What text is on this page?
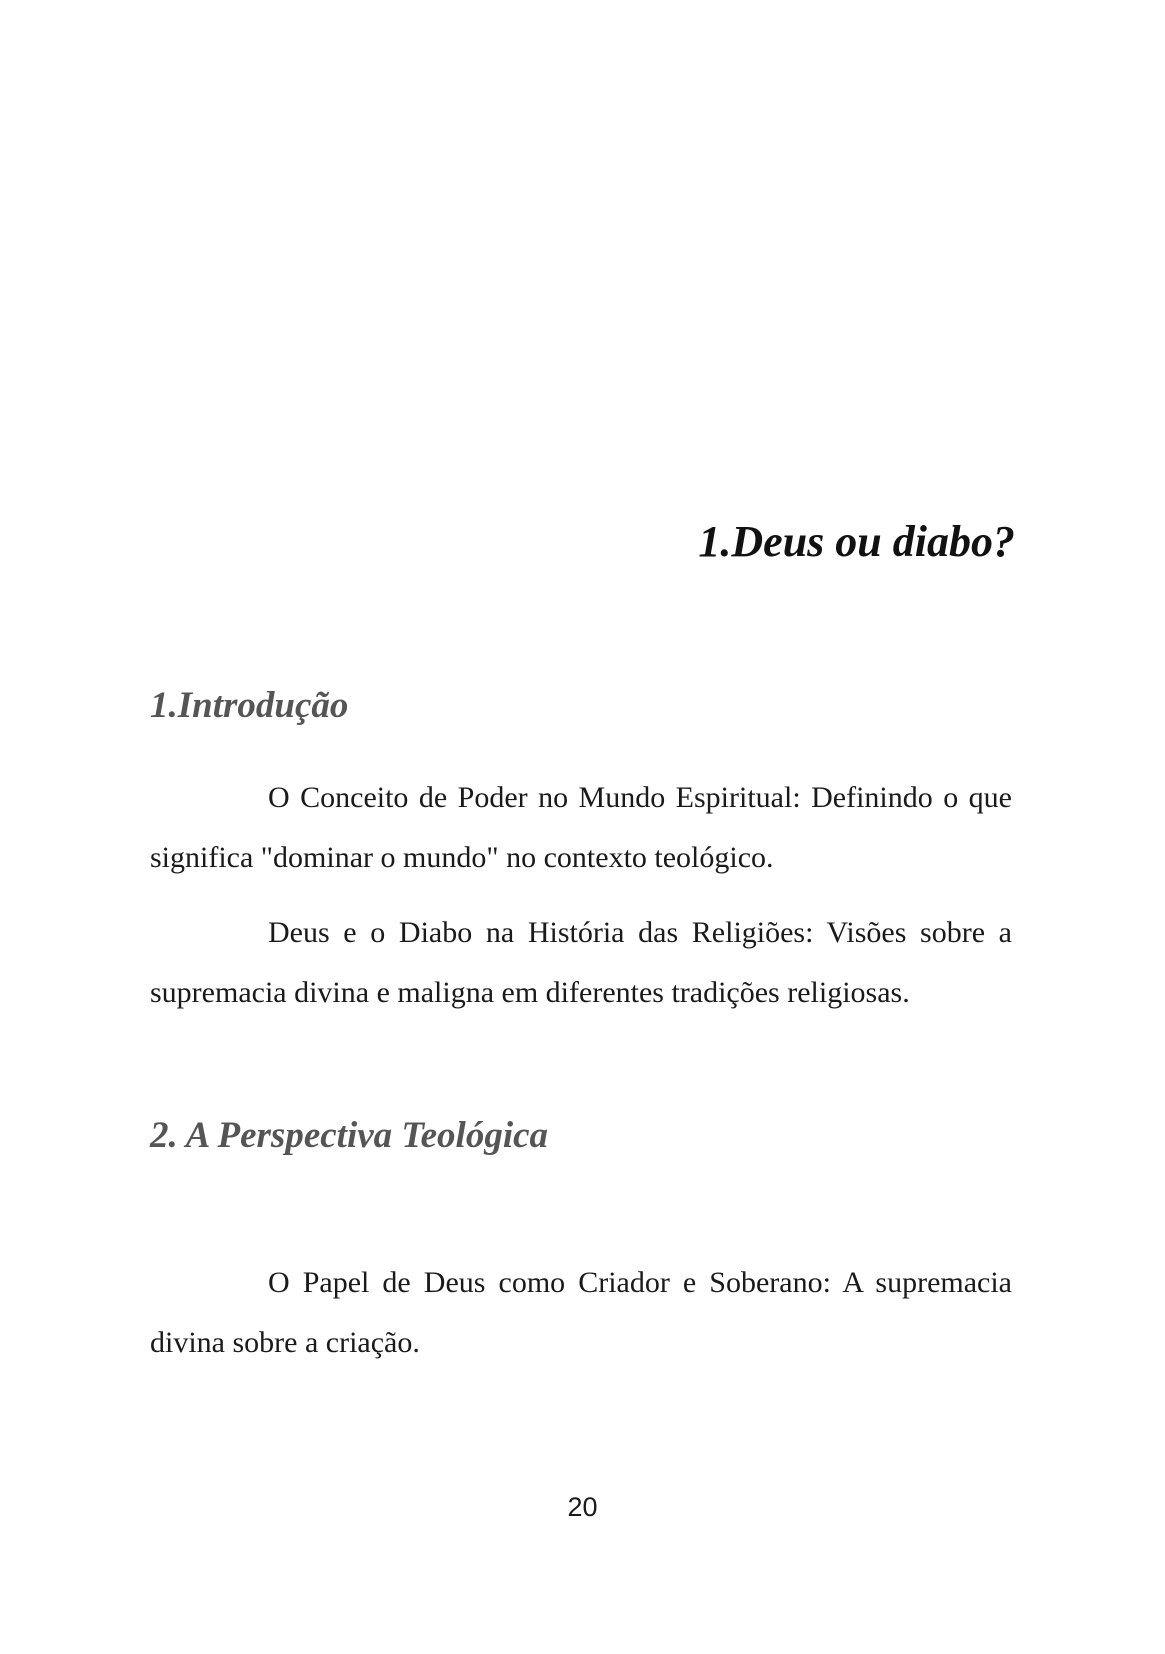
1.Deus ou diabo?
1.Introdução

O Conceito de Poder no Mundo Espiritual: Definindo o que significa "dominar o mundo" no contexto teológico.

Deus e o Diabo na História das Religiões: Visões sobre a supremacia divina e maligna em diferentes tradições religiosas.

2. A Perspectiva Teológica

O Papel de Deus como Criador e Soberano: A supremacia divina sobre a criação.

20
